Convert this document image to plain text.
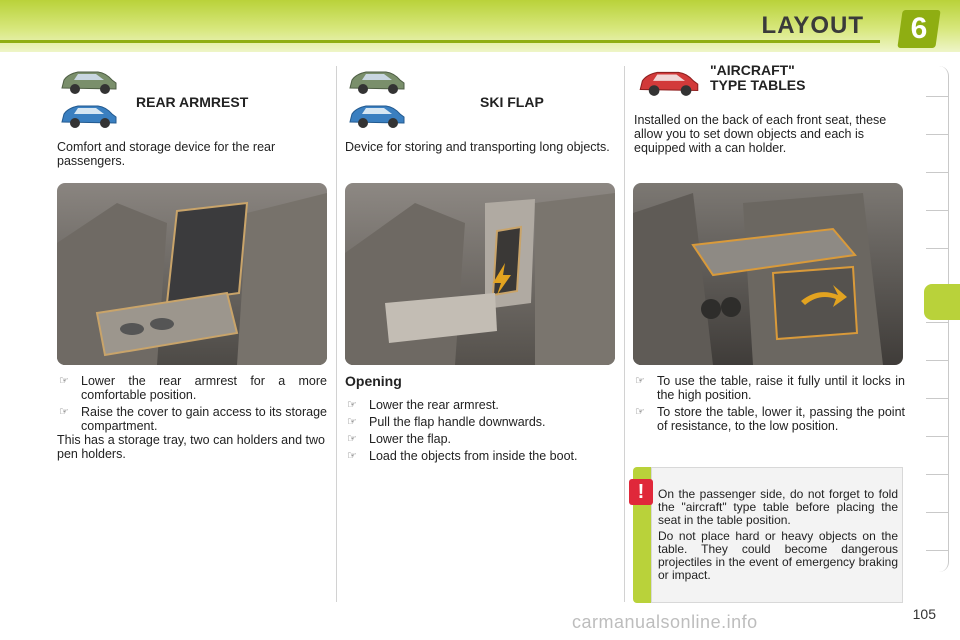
LAYOUT	6
REAR ARMREST
Comfort and storage device for the rear passengers.
☞ Lower the rear armrest for a more comfortable position.
☞ Raise the cover to gain access to its storage compartment.
This has a storage tray, two can holders and two pen holders.
SKI FLAP
Device for storing and transporting long objects.
Opening
☞ Lower the rear armrest.
☞ Pull the flap handle downwards.
☞ Lower the flap.
☞ Load the objects from inside the boot.
"AIRCRAFT"
TYPE TABLES
Installed on the back of each front seat, these allow you to set down objects and each is equipped with a can holder.
☞ To use the table, raise it fully until it locks in the high position.
☞ To store the table, lower it, passing the point of resistance, to the low position.
On the passenger side, do not forget to fold the "aircraft" type table before placing the seat in the table position.
Do not place hard or heavy objects on the table. They could become dangerous projectiles in the event of emergency braking or impact.
!
carmanualsonline.info	105
